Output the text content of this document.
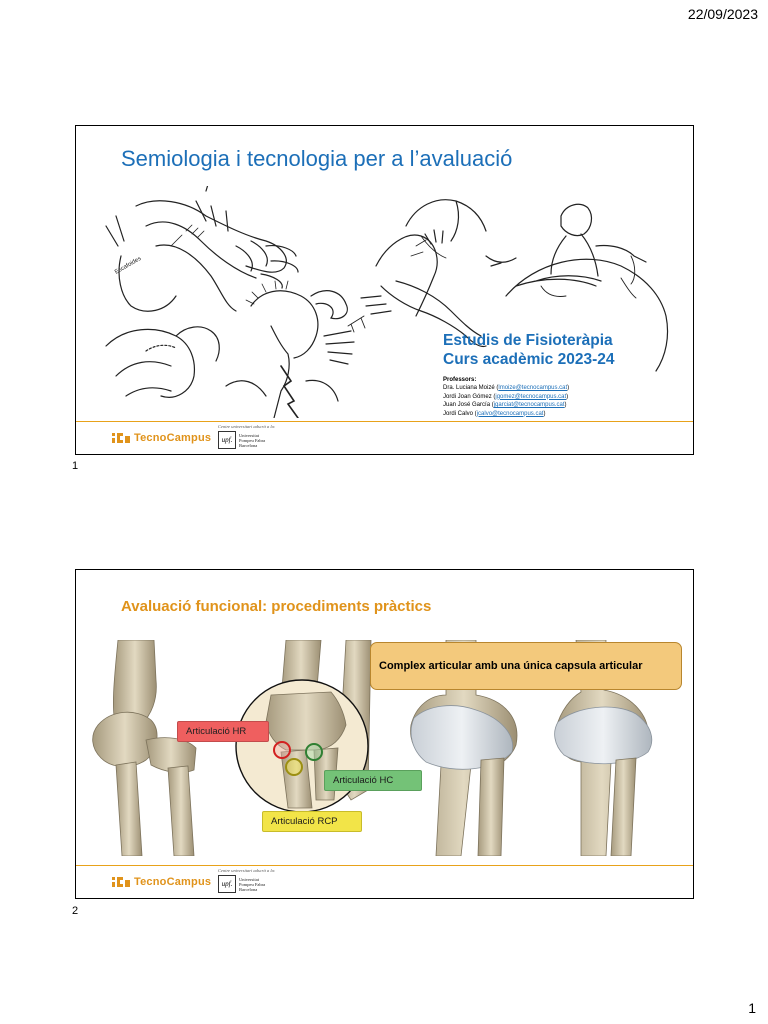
22/09/2023
Semiologia i tecnologia per a l’avaluació
Escafoides
Estudis de Fisioteràpia
Curs acadèmic 2023-24
Professors:
Dra. Luciana Moizé (lmoize@tecnocampus.cat)
Jordi Joan Gómez (jgomez@tecnocampus.cat)
Juan José García (jgarciat@tecnocampus.cat)
Jordi Calvo (jcalvo@tecnocampus.cat)
TecnoCampus
Centre universitari adscrit a la:
upf.
Universitat
Pompeu Fabra
Barcelona
1
Avaluació funcional: procediments pràctics
Complex articular amb una única capsula articular
Articulació HR
Articulació HC
Articulació RCP
TecnoCampus
Centre universitari adscrit a la:
upf.
Universitat
Pompeu Fabra
Barcelona
2
1
